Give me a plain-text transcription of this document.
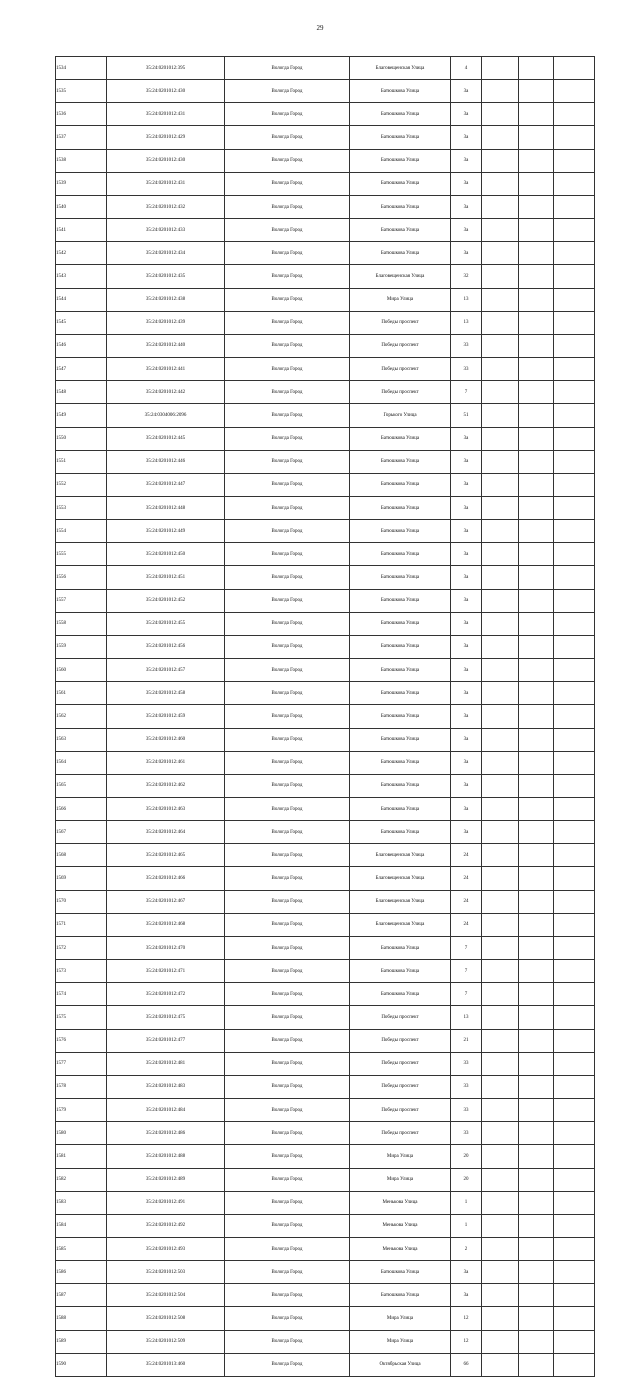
29
1534	35:24:0201012:395	Вологда Город	Благовещенская Улица	4			
1535	35:24:0201012:430	Вологда Город	Батюшкова Улица	3а			
1536	35:24:0201012:431	Вологда Город	Батюшкова Улица	3а			
1537	35:24:0201012:429	Вологда Город	Батюшкова Улица	3а			
1538	35:24:0201012:430	Вологда Город	Батюшкова Улица	3а			
1539	35:24:0201012:431	Вологда Город	Батюшкова Улица	3а			
1540	35:24:0201012:432	Вологда Город	Батюшкова Улица	3а			
1541	35:24:0201012:433	Вологда Город	Батюшкова Улица	3а			
1542	35:24:0201012:434	Вологда Город	Батюшкова Улица	3а			
1543	35:24:0201012:435	Вологда Город	Благовещенская Улица	32			
1544	35:24:0201012:438	Вологда Город	Мира Улица	13			
1545	35:24:0201012:439	Вологда Город	Победы проспект	13			
1546	35:24:0201012:440	Вологда Город	Победы проспект	33			
1547	35:24:0201012:441	Вологда Город	Победы проспект	33			
1548	35:24:0201012:442	Вологда Город	Победы проспект	7			
1549	35:24:0304006:2096	Вологда Город	Горького Улица	51			
1550	35:24:0201012:445	Вологда Город	Батюшкова Улица	3а			
1551	35:24:0201012:446	Вологда Город	Батюшкова Улица	3а			
1552	35:24:0201012:447	Вологда Город	Батюшкова Улица	3а			
1553	35:24:0201012:448	Вологда Город	Батюшкова Улица	3а			
1554	35:24:0201012:449	Вологда Город	Батюшкова Улица	3а			
1555	35:24:0201012:450	Вологда Город	Батюшкова Улица	3а			
1556	35:24:0201012:451	Вологда Город	Батюшкова Улица	3а			
1557	35:24:0201012:452	Вологда Город	Батюшкова Улица	3а			
1558	35:24:0201012:455	Вологда Город	Батюшкова Улица	3а			
1559	35:24:0201012:456	Вологда Город	Батюшкова Улица	3а			
1560	35:24:0201012:457	Вологда Город	Батюшкова Улица	3а			
1561	35:24:0201012:458	Вологда Город	Батюшкова Улица	3а			
1562	35:24:0201012:459	Вологда Город	Батюшкова Улица	3а			
1563	35:24:0201012:460	Вологда Город	Батюшкова Улица	3а			
1564	35:24:0201012:461	Вологда Город	Батюшкова Улица	3а			
1565	35:24:0201012:462	Вологда Город	Батюшкова Улица	3а			
1566	35:24:0201012:463	Вологда Город	Батюшкова Улица	3а			
1567	35:24:0201012:464	Вологда Город	Батюшкова Улица	3а			
1568	35:24:0201012:465	Вологда Город	Благовещенская Улица	24			
1569	35:24:0201012:466	Вологда Город	Благовещенская Улица	24			
1570	35:24:0201012:467	Вологда Город	Благовещенская Улица	24			
1571	35:24:0201012:468	Вологда Город	Благовещенская Улица	24			
1572	35:24:0201012:470	Вологда Город	Батюшкова Улица	7			
1573	35:24:0201012:471	Вологда Город	Батюшкова Улица	7			
1574	35:24:0201012:472	Вологда Город	Батюшкова Улица	7			
1575	35:24:0201012:475	Вологда Город	Победы проспект	13			
1576	35:24:0201012:477	Вологда Город	Победы проспект	21			
1577	35:24:0201012:481	Вологда Город	Победы проспект	33			
1578	35:24:0201012:483	Вологда Город	Победы проспект	33			
1579	35:24:0201012:484	Вологда Город	Победы проспект	33			
1580	35:24:0201012:486	Вологда Город	Победы проспект	33			
1581	35:24:0201012:488	Вологда Город	Мира Улица	20			
1582	35:24:0201012:489	Вологда Город	Мира Улица	20			
1583	35:24:0201012:491	Вологда Город	Менькова Улица	1			
1584	35:24:0201012:492	Вологда Город	Менькова Улица	1			
1585	35:24:0201012:493	Вологда Город	Менькова Улица	2			
1586	35:24:0201012:503	Вологда Город	Батюшкова Улица	3а			
1587	35:24:0201012:504	Вологда Город	Батюшкова Улица	3а			
1588	35:24:0201012:508	Вологда Город	Мира Улица	12			
1589	35:24:0201012:509	Вологда Город	Мира Улица	12			
1590	35:24:0201013:460	Вологда Город	Октябрьская Улица	66			
